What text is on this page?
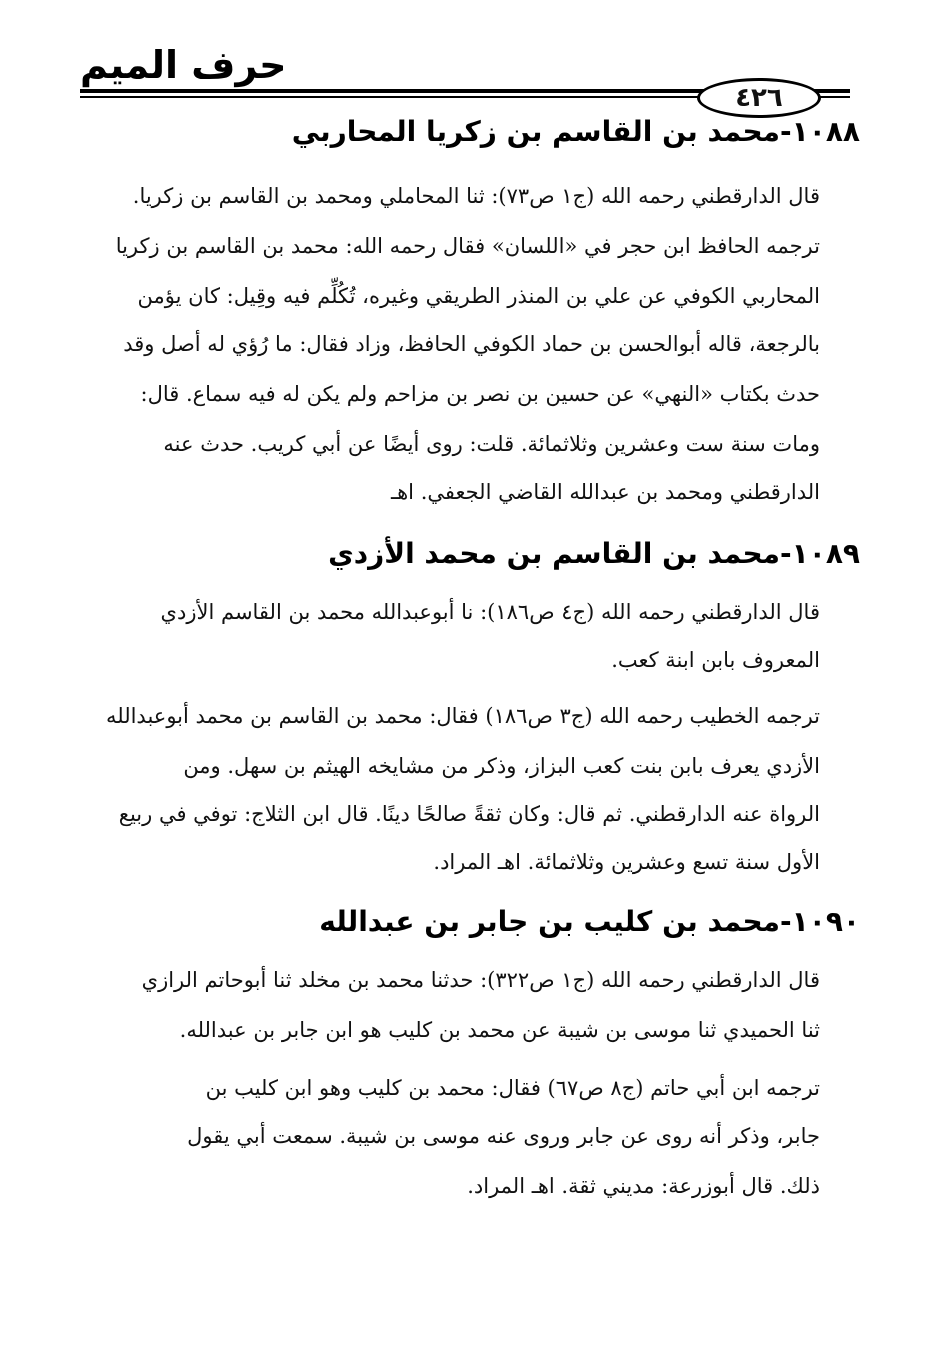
حرف الميم
٤٢٦
١٠٨٨-محمد بن القاسم بن زكريا المحاربي
قال الدارقطني رحمه الله (ج١ ص٧٣): ثنا المحاملي ومحمد بن القاسم بن زكريا.
ترجمه الحافظ ابن حجر في «اللسان» فقال رحمه الله: محمد بن القاسم بن زكريا
المحاربي الكوفي عن علي بن المنذر الطريقي وغيره، تُكُلِّم فيه وقِيل: كان يؤمن
بالرجعة، قاله أبوالحسن بن حماد الكوفي الحافظ، وزاد فقال: ما رُؤي له أصل وقد
حدث بكتاب «النهي» عن حسين بن نصر بن مزاحم ولم يكن له فيه سماع. قال:
ومات سنة ست وعشرين وثلاثمائة. قلت: روى أيضًا عن أبي كريب. حدث عنه
الدارقطني ومحمد بن عبدالله القاضي الجعفي. اهـ
١٠٨٩-محمد بن القاسم بن محمد الأزدي
قال الدارقطني رحمه الله (ج٤ ص١٨٦): نا أبوعبدالله محمد بن القاسم الأزدي
المعروف بابن ابنة كعب.
ترجمه الخطيب رحمه الله (ج٣ ص١٨٦) فقال: محمد بن القاسم بن محمد أبوعبدالله
الأزدي يعرف بابن بنت كعب البزاز، وذكر من مشايخه الهيثم بن سهل. ومن
الرواة عنه الدارقطني. ثم قال: وكان ثقةً صالحًا دينًا. قال ابن الثلاج: توفي في ربيع
الأول سنة تسع وعشرين وثلاثمائة. اهـ المراد.
١٠٩٠-محمد بن كليب بن جابر بن عبدالله
قال الدارقطني رحمه الله (ج١ ص٣٢٢): حدثنا محمد بن مخلد ثنا أبوحاتم الرازي
ثنا الحميدي ثنا موسى بن شيبة عن محمد بن كليب هو ابن جابر بن عبدالله.
ترجمه ابن أبي حاتم (ج٨ ص٦٧) فقال: محمد بن كليب وهو ابن كليب بن
جابر، وذكر أنه روى عن جابر وروى عنه موسى بن شيبة. سمعت أبي يقول
ذلك. قال أبوزرعة: مديني ثقة. اهـ المراد.
